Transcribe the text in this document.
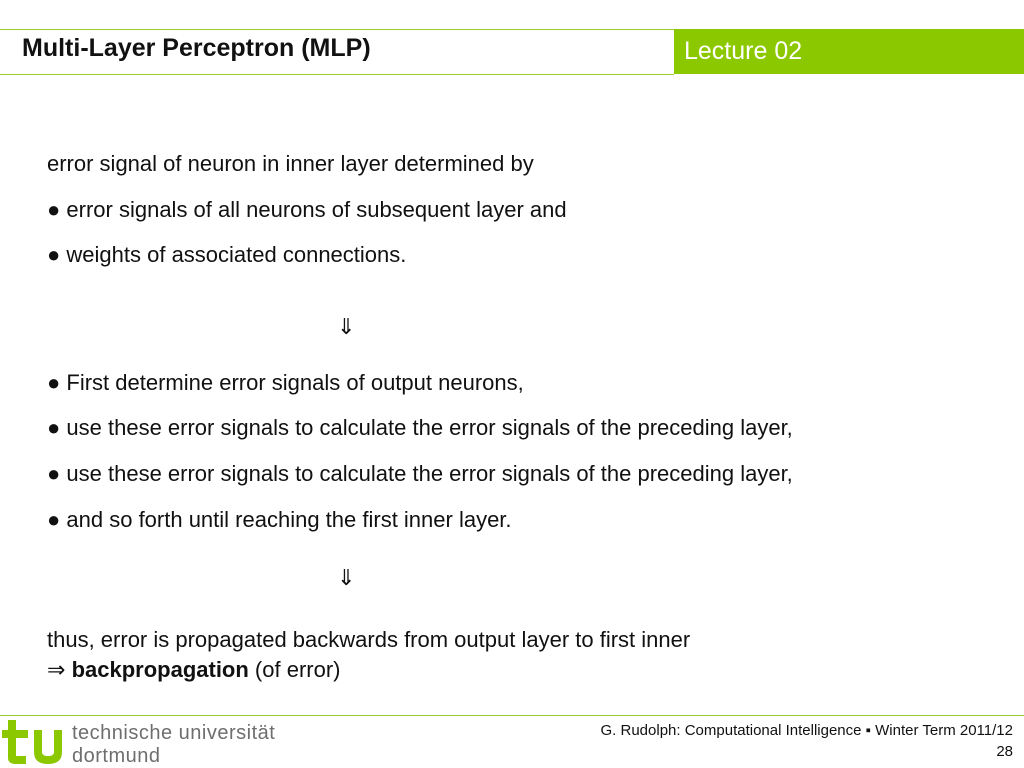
Multi-Layer Perceptron (MLP)	Lecture 02
error signal of neuron in inner layer determined by
● error signals of all neurons of subsequent layer and
● weights of associated connections.
⇓
● First determine error signals of output neurons,
● use these error signals to calculate the error signals of the preceding layer,
● use these error signals to calculate the error signals of the preceding layer,
● and so forth until reaching the first inner layer.
⇓
thus, error is propagated backwards from output layer to first inner
⇒ backpropagation (of error)
technische universität
dortmund
G. Rudolph: Computational Intelligence ▪ Winter Term 2011/12
28
